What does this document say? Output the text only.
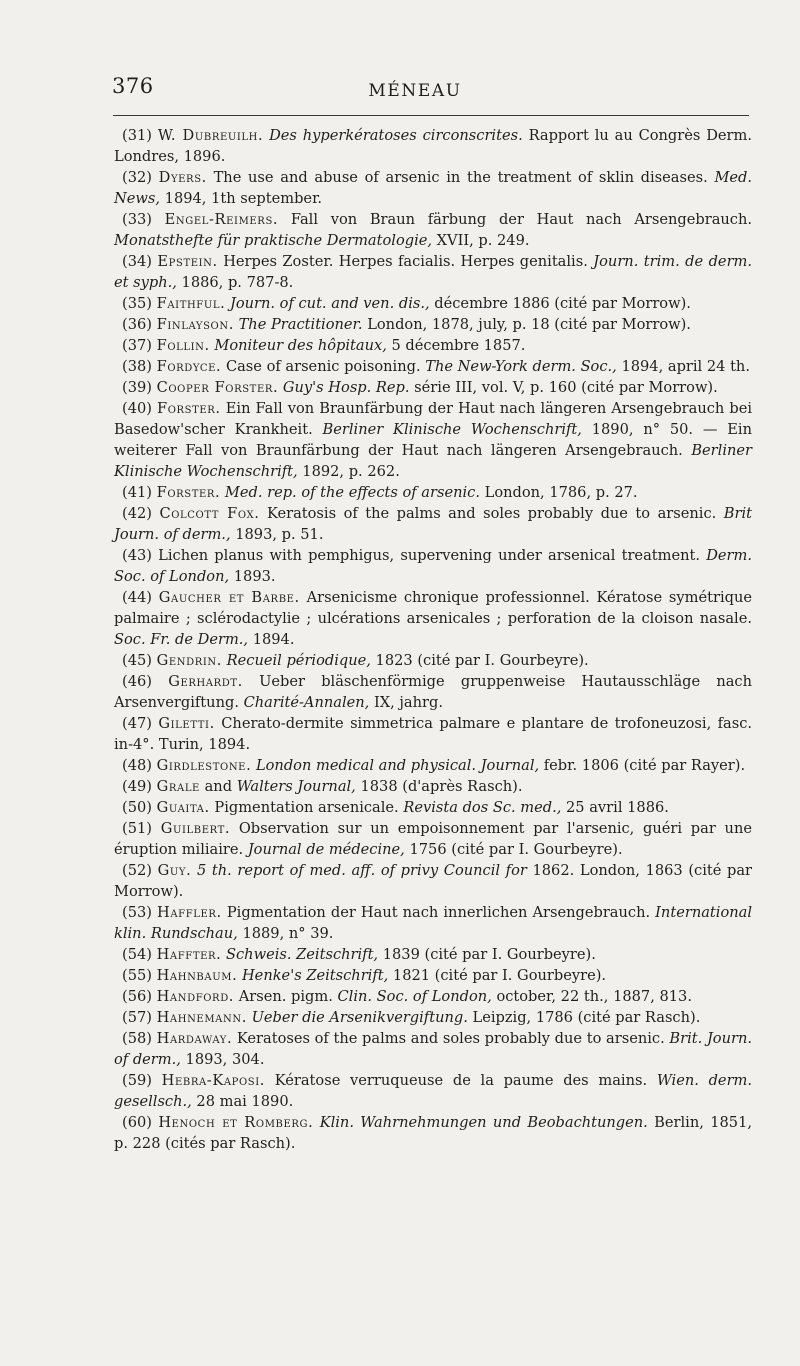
376	MÉNEAU

(31) W. Dubreuilh. Des hyperkératoses circonscrites. Rapport lu au Congrès Derm. Londres, 1896.

(32) Dyers. The use and abuse of arsenic in the treatment of sklin diseases. Med. News, 1894, 1th september.

(33) Engel-Reimers. Fall von Braun färbung der Haut nach Arsengebrauch. Monatsthefte für praktische Dermatologie, XVII, p. 249.

(34) Epstein. Herpes Zoster. Herpes facialis. Herpes genitalis. Journ. trim. de derm. et syph., 1886, p. 787-8.

(35) Faithful. Journ. of cut. and ven. dis., décembre 1886 (cité par Morrow).

(36) Finlayson. The Practitioner. London, 1878, july, p. 18 (cité par Morrow).

(37) Follin. Moniteur des hôpitaux, 5 décembre 1857.

(38) Fordyce. Case of arsenic poisoning. The New-York derm. Soc., 1894, april 24 th.

(39) Cooper Forster. Guy's Hosp. Rep. série III, vol. V, p. 160 (cité par Morrow).

(40) Forster. Ein Fall von Braunfärbung der Haut nach längeren Arsengebrauch bei Basedow'scher Krankheit. Berliner Klinische Wochenschrift, 1890, n° 50. — Ein weiterer Fall von Braunfärbung der Haut nach längeren Arsengebrauch. Berliner Klinische Wochenschrift, 1892, p. 262.

(41) Forster. Med. rep. of the effects of arsenic. London, 1786, p. 27.

(42) Colcott Fox. Keratosis of the palms and soles probably due to arsenic. Brit Journ. of derm., 1893, p. 51.

(43) Lichen planus with pemphigus, supervening under arsenical treatment. Derm. Soc. of London, 1893.

(44) Gaucher et Barbe. Arsenicisme chronique professionnel. Kératose symétrique palmaire ; sclérodactylie ; ulcérations arsenicales ; perforation de la cloison nasale. Soc. Fr. de Derm., 1894.

(45) Gendrin. Recueil périodique, 1823 (cité par I. Gourbeyre).

(46) Gerhardt. Ueber bläschenförmige gruppenweise Hautausschläge nach Arsenvergiftung. Charité-Annalen, IX, jahrg.

(47) Giletti. Cherato-dermite simmetrica palmare e plantare de trofoneuzosi, fasc. in-4°. Turin, 1894.

(48) Girdlestone. London medical and physical. Journal, febr. 1806 (cité par Rayer).

(49) Grale and Walters Journal, 1838 (d'après Rasch).

(50) Guaita. Pigmentation arsenicale. Revista dos Sc. med., 25 avril 1886.

(51) Guilbert. Observation sur un empoisonnement par l'arsenic, guéri par une éruption miliaire. Journal de médecine, 1756 (cité par I. Gourbeyre).

(52) Guy. 5 th. report of med. aff. of privy Council for 1862. London, 1863 (cité par Morrow).

(53) Haffler. Pigmentation der Haut nach innerlichen Arsengebrauch. International klin. Rundschau, 1889, n° 39.

(54) Haffter. Schweis. Zeitschrift, 1839 (cité par I. Gourbeyre).

(55) Hahnbaum. Henke's Zeitschrift, 1821 (cité par I. Gourbeyre).

(56) Handford. Arsen. pigm. Clin. Soc. of London, october, 22 th., 1887, 813.

(57) Hahnemann. Ueber die Arsenikvergiftung. Leipzig, 1786 (cité par Rasch).

(58) Hardaway. Keratoses of the palms and soles probably due to arsenic. Brit. Journ. of derm., 1893, 304.

(59) Hebra-Kaposi. Kératose verruqueuse de la paume des mains. Wien. derm. gesellsch., 28 mai 1890.

(60) Henoch et Romberg. Klin. Wahrnehmungen und Beobachtungen. Berlin, 1851, p. 228 (cités par Rasch).
